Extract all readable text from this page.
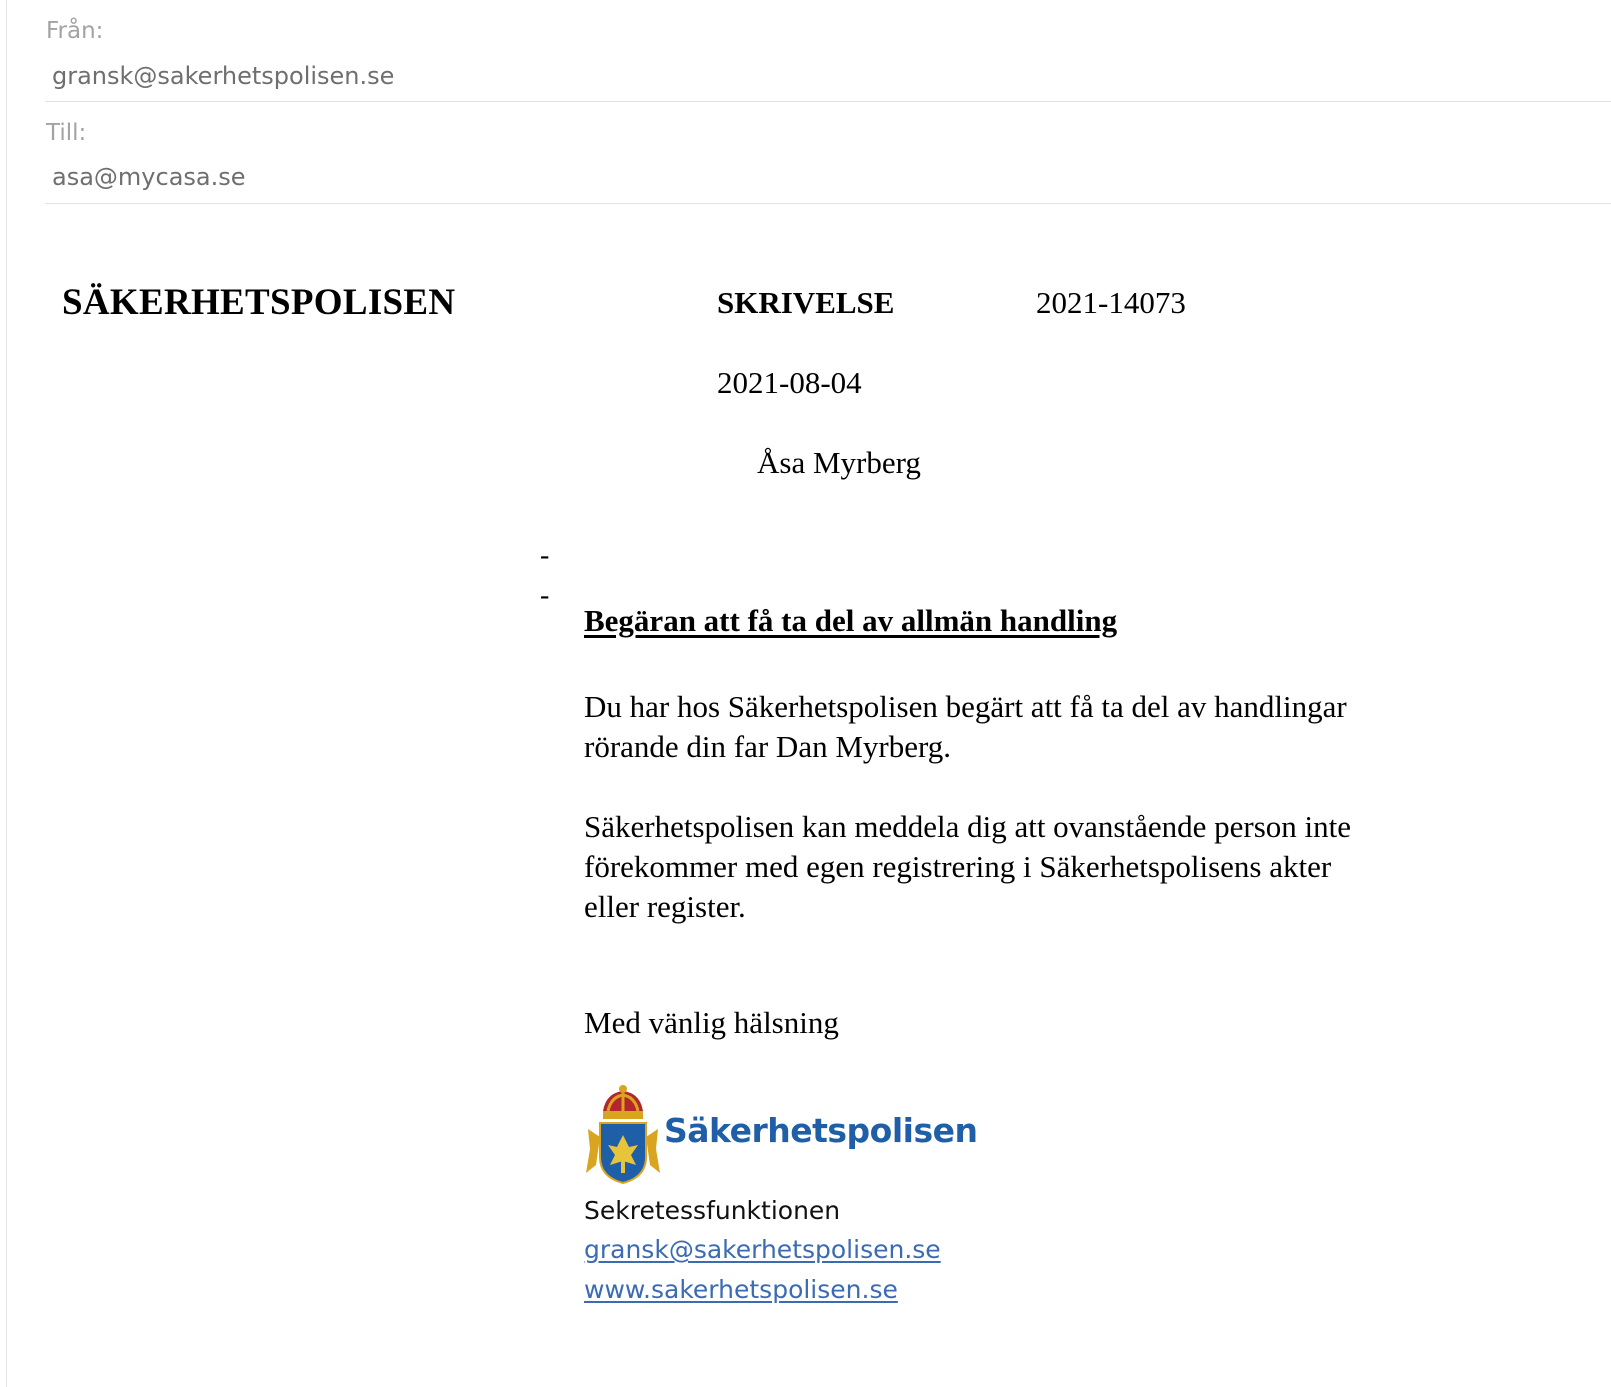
Från:
gransk@sakerhetspolisen.se
Till:
asa@mycasa.se
SÄKERHETSPOLISEN	SKRIVELSE	2021-14073
2021-08-04
Åsa Myrberg
-
-
Begäran att få ta del av allmän handling
Du har hos Säkerhetspolisen begärt att få ta del av handlingar rörande din far Dan Myrberg.
Säkerhetspolisen kan meddela dig att ovanstående person inte förekommer med egen registrering i Säkerhetspolisens akter eller register.
Med vänlig hälsning
Säkerhetspolisen
Sekretessfunktionen
gransk@sakerhetspolisen.se
www.sakerhetspolisen.se
